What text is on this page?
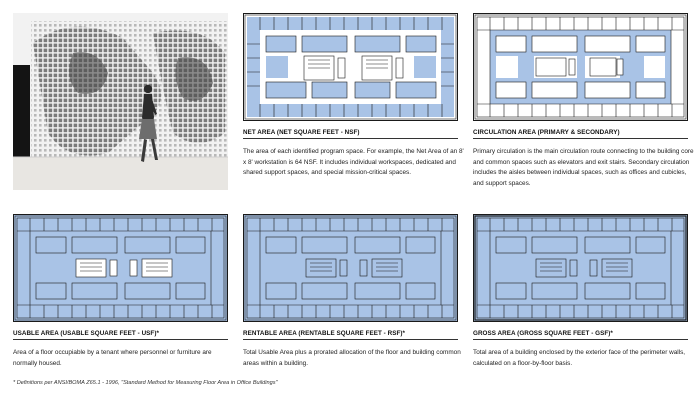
NET AREA (NET SQUARE FEET - NSF)
The area of each identified program space. For example, the Net Area of an 8' x 8' workstation is 64 NSF. It includes individual workspaces, dedicated and shared support spaces, and special mission-critical spaces.
CIRCULATION AREA (PRIMARY & SECONDARY)
Primary circulation is the main circulation route connecting to the building core and common spaces such as elevators and exit stairs. Secondary circulation includes the aisles between individual spaces, such as offices and cubicles, and support spaces.
USABLE AREA (USABLE SQUARE FEET - USF)*
Area of a floor occupiable by a tenant where personnel or furniture are normally housed.
RENTABLE AREA (RENTABLE SQUARE FEET - RSF)*
Total Usable Area plus a prorated allocation of the floor and building common areas within a building.
GROSS AREA (GROSS SQUARE FEET - GSF)*
Total area of a building enclosed by the exterior face of the perimeter walls, calculated on a floor-by-floor basis.
* Definitions per ANSI/BOMA Z65.1 - 1996, "Standard Method for Measuring Floor Area in Office Buildings"
